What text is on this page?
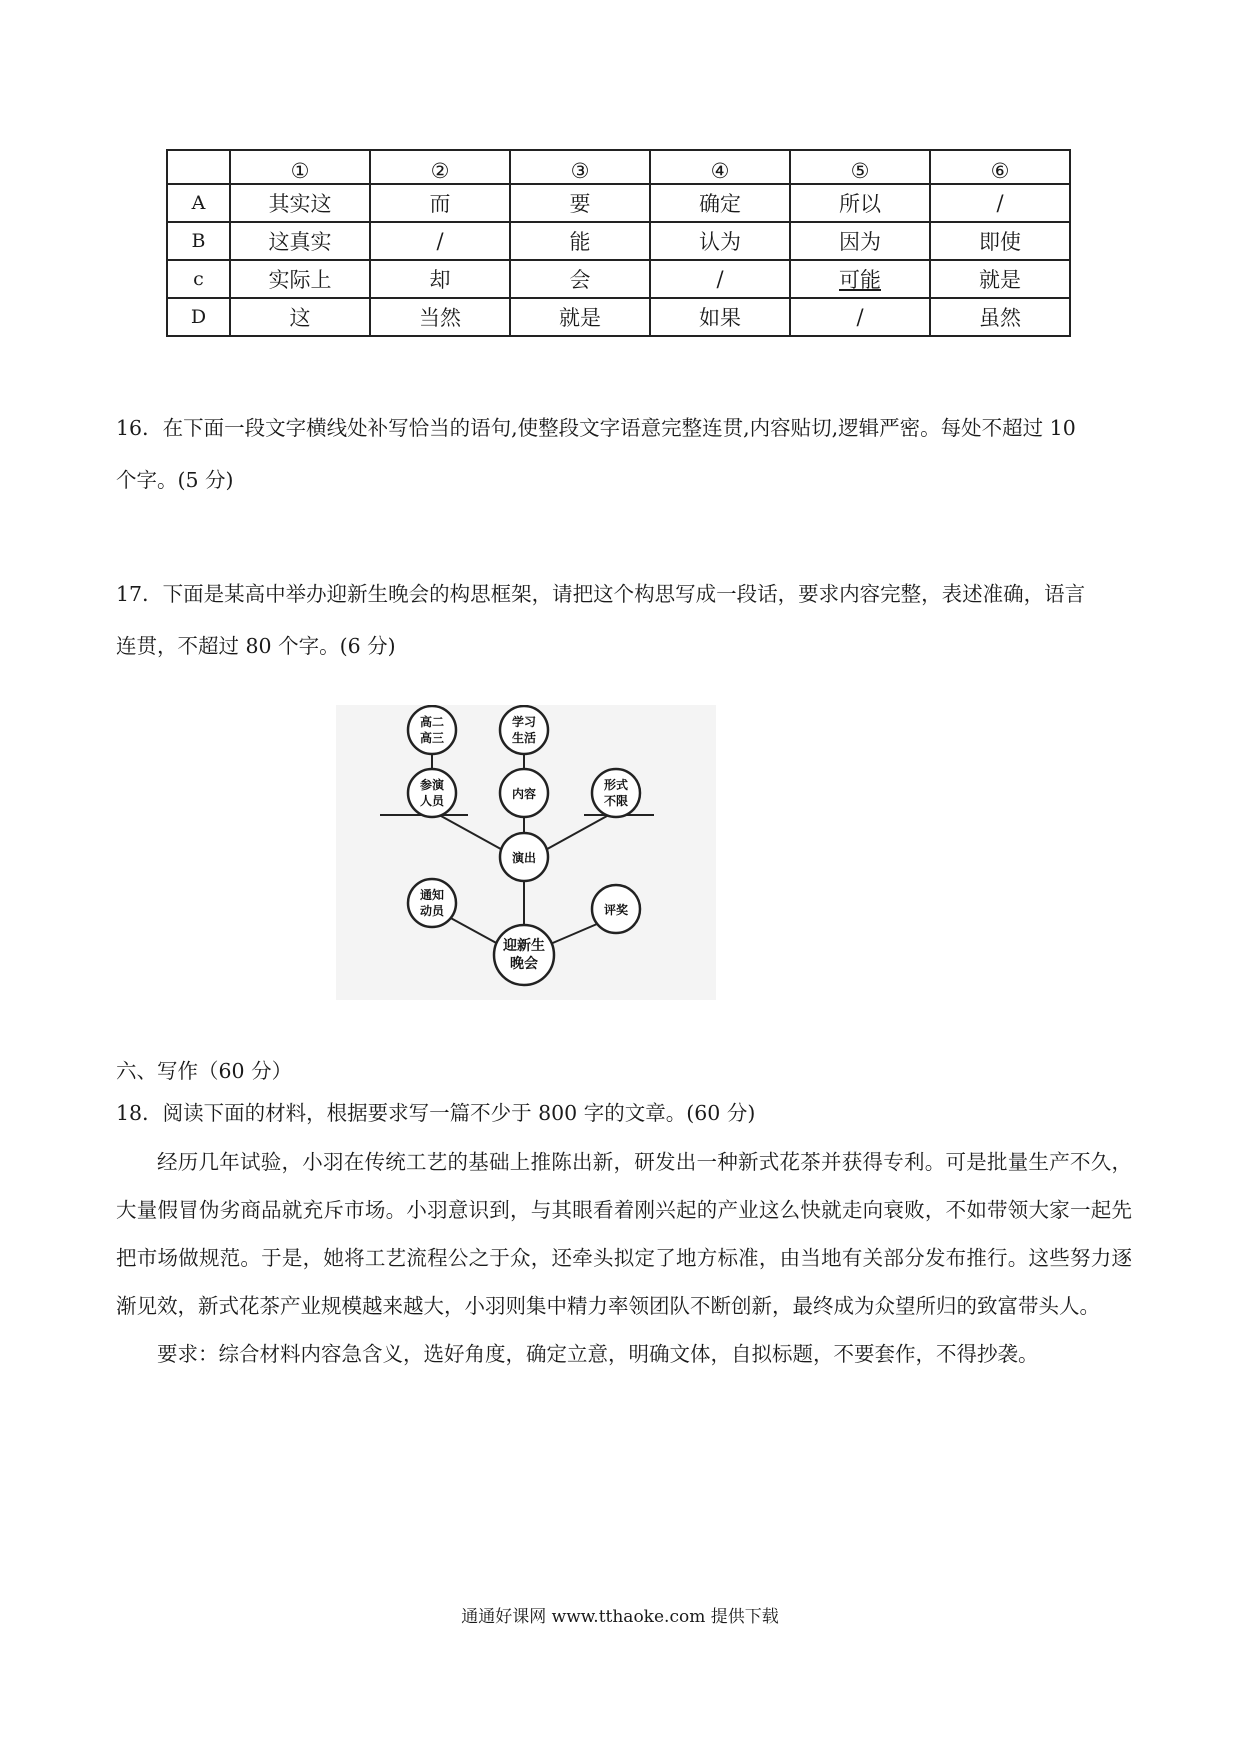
	①	②	③	④	⑤	⑥
A	其实这	而	要	确定	所以	/
B	这真实	/	能	认为	因为	即使
c	实际上	却	会	/	可能	就是
D	这	当然	就是	如果	/	虽然

16．在下面一段文字横线处补写恰当的语句,使整段文字语意完整连贯,内容贴切,逻辑严密。每处不超过 10

个字。(5 分)

17．下面是某高中举办迎新生晚会的构思框架，请把这个构思写成一段话，要求内容完整，表述准确，语言

连贯，不超过 80 个字。(6 分)

高二
高三
学习
生活
参演
人员	内容
形式
不限
演出
通知
动员	评奖
迎新生
晚会

六、写作（60 分）

18．阅读下面的材料，根据要求写一篇不少于 800 字的文章。(60 分)

经历几年试验，小羽在传统工艺的基础上推陈出新，研发出一种新式花茶并获得专利。可是批量生产不久，大量假冒伪劣商品就充斥市场。小羽意识到，与其眼看着刚兴起的产业这么快就走向衰败，不如带领大家一起先把市场做规范。于是，她将工艺流程公之于众，还牵头拟定了地方标准，由当地有关部分发布推行。这些努力逐渐见效，新式花茶产业规模越来越大，小羽则集中精力率领团队不断创新，最终成为众望所归的致富带头人。

要求：综合材料内容急含义，选好角度，确定立意，明确文体，自拟标题，不要套作，不得抄袭。

通通好课网 www.tthaoke.com 提供下载
